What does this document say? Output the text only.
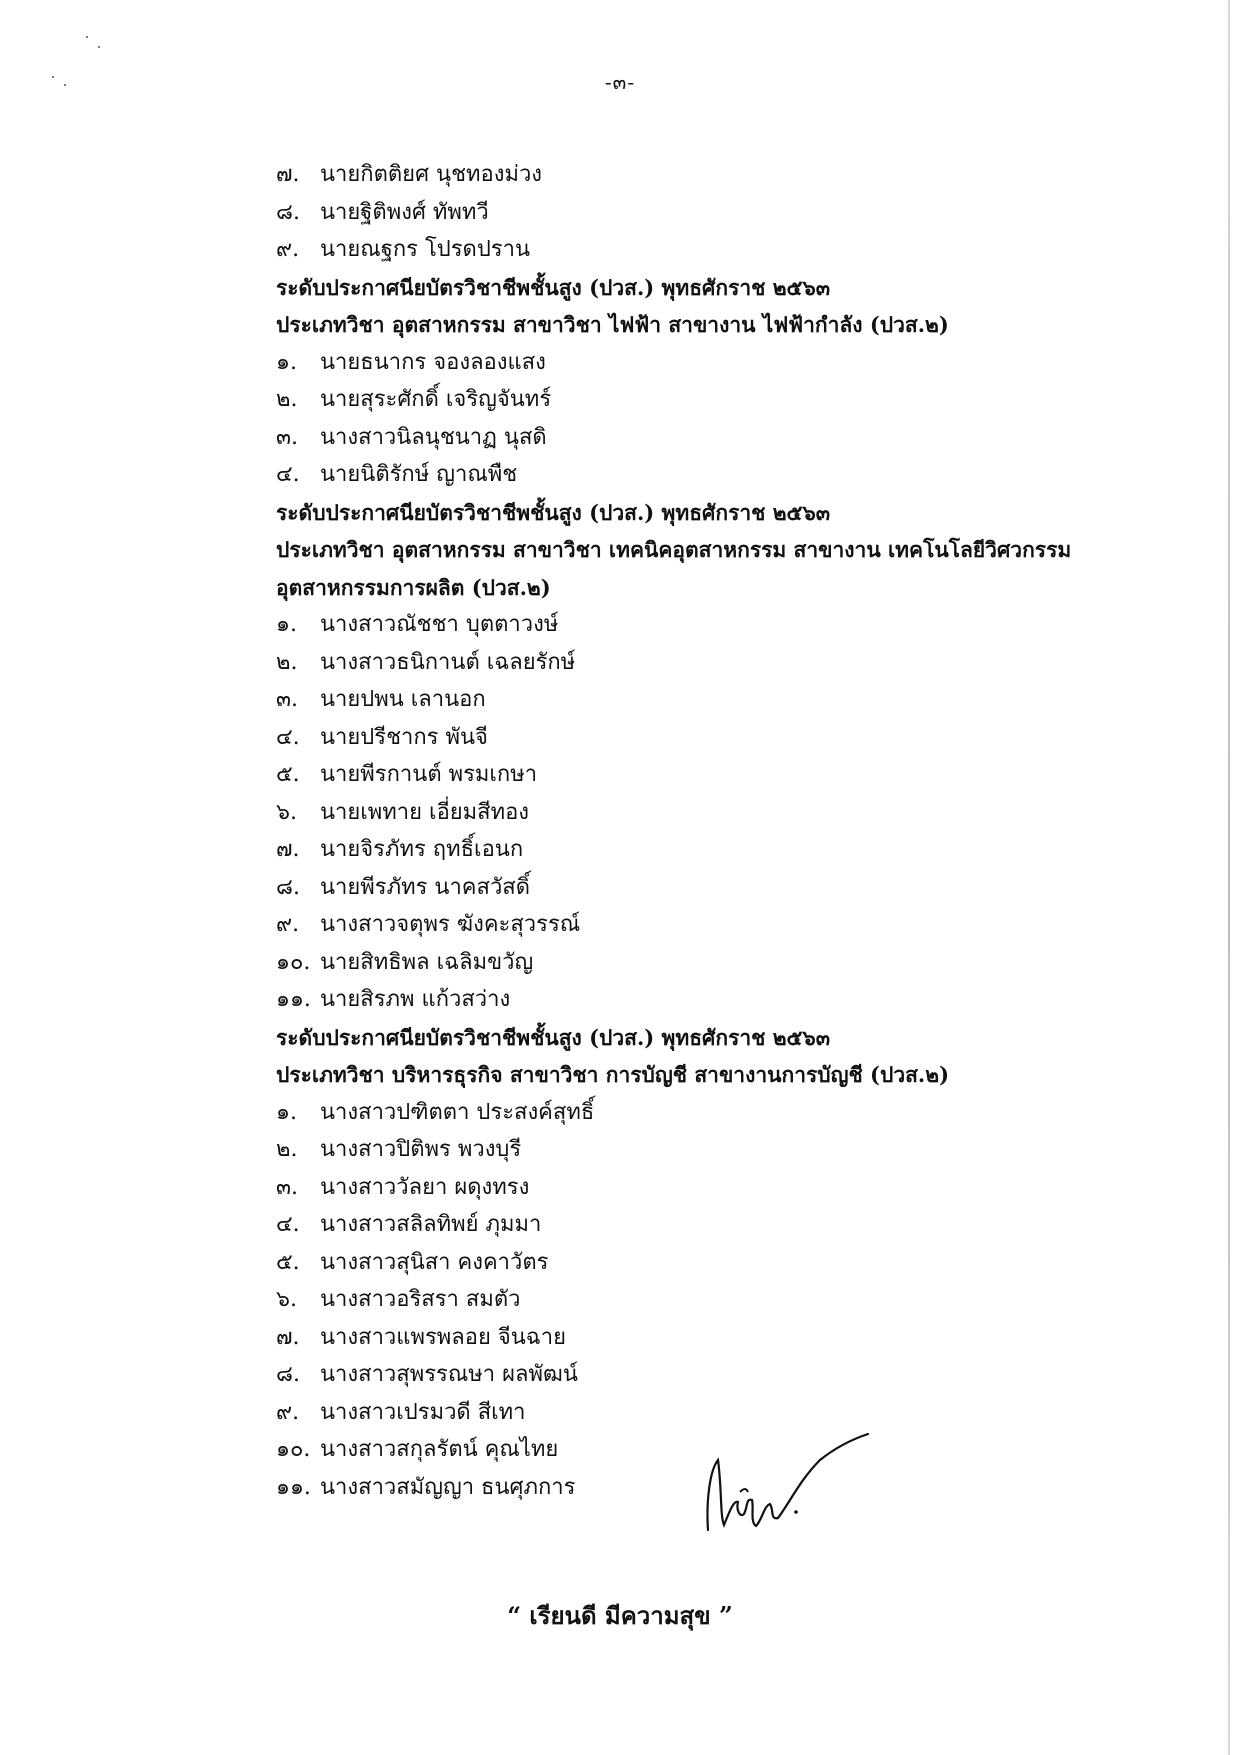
-๓-
๗. นายกิตติยศ นุชทองม่วง
๘. นายฐิติพงศ์ ทัพทวี
๙. นายณฐกร โปรดปราน
ระดับประกาศนียบัตรวิชาชีพชั้นสูง (ปวส.) พุทธศักราช ๒๕๖๓
ประเภทวิชา อุตสาหกรรม สาขาวิชา ไฟฟ้า สาขางาน ไฟฟ้ากำลัง (ปวส.๒)
๑. นายธนากร จองลองแสง
๒. นายสุระศักดิ์ เจริญจันทร์
๓. นางสาวนิลนุชนาฏ นุสดิ
๔. นายนิติรักษ์ ญาณพืช
ระดับประกาศนียบัตรวิชาชีพชั้นสูง (ปวส.) พุทธศักราช ๒๕๖๓
ประเภทวิชา อุตสาหกรรม สาขาวิชา เทคนิคอุตสาหกรรม สาขางาน เทคโนโลยีวิศวกรรม
อุตสาหกรรมการผลิต (ปวส.๒)
๑. นางสาวณัชชา บุตตาวงษ์
๒. นางสาวธนิกานต์ เฉลยรักษ์
๓. นายปพน เลานอก
๔. นายปรีชากร พันจี
๕. นายพีรกานต์ พรมเกษา
๖. นายเพทาย เอี่ยมสีทอง
๗. นายจิรภัทร ฤทธิ์เอนก
๘. นายพีรภัทร นาคสวัสดิ์
๙. นางสาวจตุพร ฆังคะสุวรรณ์
๑๐. นายสิทธิพล เฉลิมขวัญ
๑๑. นายสิรภพ แก้วสว่าง
ระดับประกาศนียบัตรวิชาชีพชั้นสูง (ปวส.) พุทธศักราช ๒๕๖๓
ประเภทวิชา บริหารธุรกิจ สาขาวิชา การบัญชี สาขางานการบัญชี (ปวส.๒)
๑. นางสาวปฑิตตา ประสงค์สุทธิ์
๒. นางสาวปิติพร พวงบุรี
๓. นางสาววัลยา ผดุงทรง
๔. นางสาวสลิลทิพย์ ภุมมา
๕. นางสาวสุนิสา คงคาวัตร
๖. นางสาวอริสรา สมตัว
๗. นางสาวแพรพลอย จีนฉาย
๘. นางสาวสุพรรณษา ผลพัฒน์
๙. นางสาวเปรมวดี สีเทา
๑๐. นางสาวสกุลรัตน์ คุณไทย
๑๑. นางสาวสมัญญา ธนศุภการ
“ เรียนดี มีความสุข ”
